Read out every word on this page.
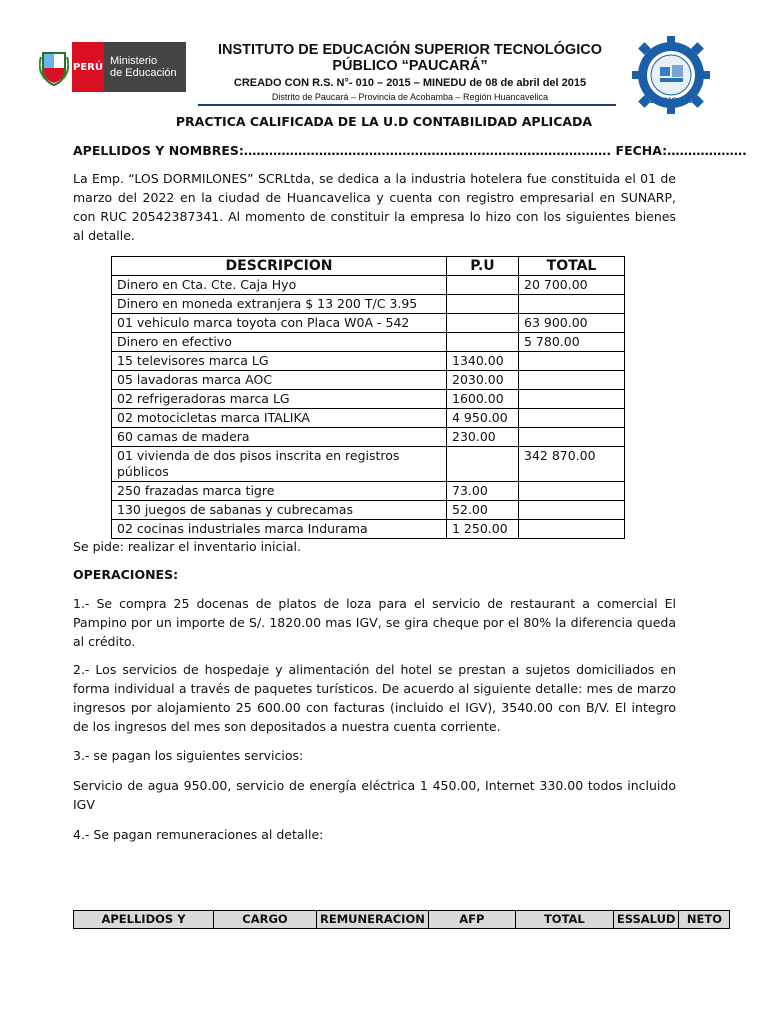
PERÚ Ministerio
de Educación
INSTITUTO DE EDUCACIÓN SUPERIOR TECNOLÓGICO
PÚBLICO “PAUCARÁ”
CREADO CON R.S. N°- 010 – 2015 – MINEDU de 08 de abril del 2015
Distrito de Paucará – Provincia de Acobamba – Región Huancavelica	Paucará
PRACTICA CALIFICADA DE LA U.D CONTABILIDAD APLICADA
APELLIDOS Y NOMBRES:……………………………………………………………………………. FECHA:……………….
La Emp. “LOS DORMILONES” SCRLtda, se dedica a la industria hotelera fue constituida el 01 de marzo del 2022 en la ciudad de Huancavelica y cuenta con registro empresarial en SUNARP, con RUC 20542387341. Al momento de constituir la empresa lo hizo con los siguientes bienes al detalle.
DESCRIPCION	P.U	TOTAL
Dinero en Cta. Cte. Caja Hyo		20 700.00
Dinero en moneda extranjera $ 13 200 T/C 3.95		
01 vehiculo marca toyota con Placa W0A - 542		63 900.00
Dinero en efectivo		5 780.00
15 televisores marca LG	1340.00	
05 lavadoras marca AOC	2030.00	
02 refrigeradoras marca LG	1600.00	
02 motocicletas marca ITALIKA	4 950.00	
60 camas de madera	230.00	
01 vivienda de dos pisos inscrita en registros públicos		342 870.00
250 frazadas marca tigre	73.00	
130 juegos de sabanas y cubrecamas	52.00	
02 cocinas industriales marca Indurama	1 250.00	
Se pide: realizar el inventario inicial.
OPERACIONES:
1.- Se compra 25 docenas de platos de loza para el servicio de restaurant a comercial El Pampino por un importe de S/. 1820.00 mas IGV, se gira cheque por el 80% la diferencia queda al crédito.
2.- Los servicios de hospedaje y alimentación del hotel se prestan a sujetos domiciliados en forma individual a través de paquetes turísticos. De acuerdo al siguiente detalle: mes de marzo ingresos por alojamiento 25 600.00 con facturas (incluido el IGV), 3540.00 con B/V. El integro de los ingresos del mes son depositados a nuestra cuenta corriente.
3.- se pagan los siguientes servicios:
Servicio de agua 950.00, servicio de energía eléctrica 1 450.00, Internet 330.00 todos incluido IGV
4.- Se pagan remuneraciones al detalle:
APELLIDOS Y	CARGO	REMUNERACION	AFP	TOTAL	ESSALUD	NETO
